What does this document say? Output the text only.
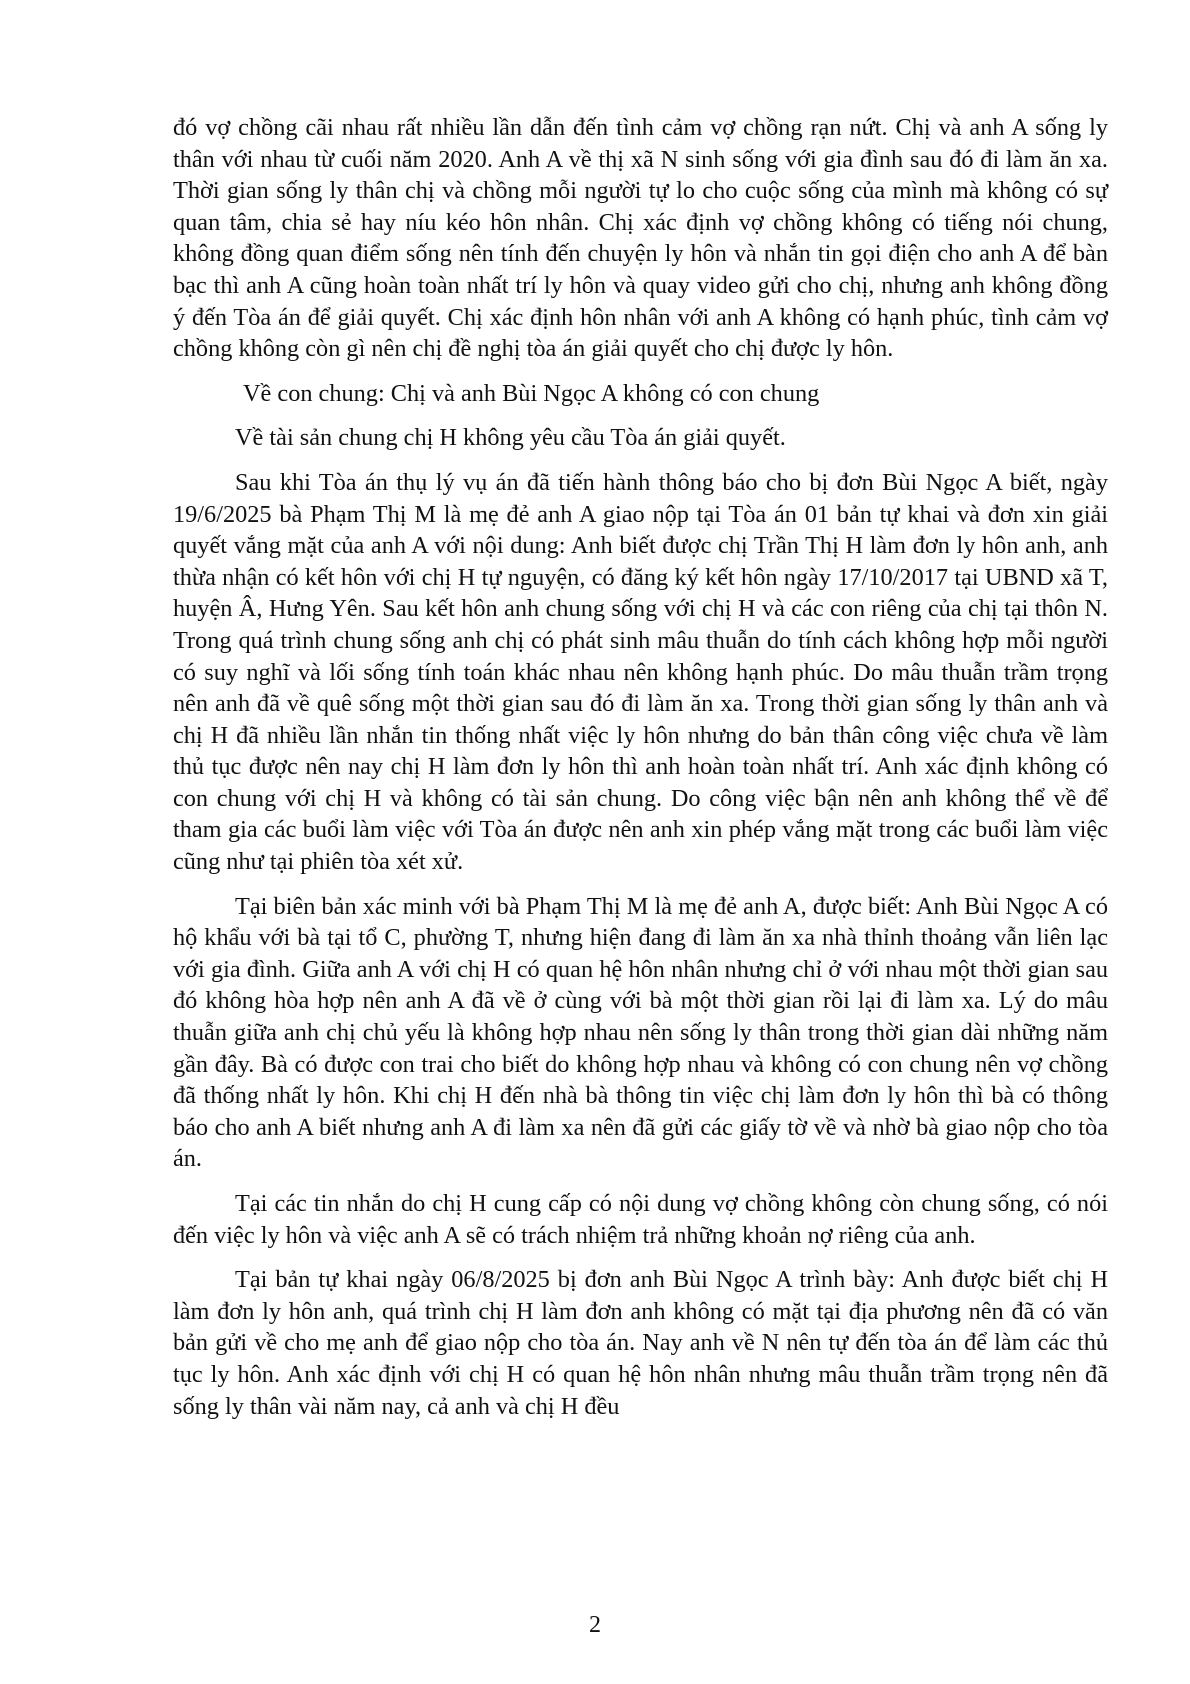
đó vợ chồng cãi nhau rất nhiều lần dẫn đến tình cảm vợ chồng rạn nứt. Chị và anh A sống ly thân với nhau từ cuối năm 2020. Anh A về thị xã N sinh sống với gia đình sau đó đi làm ăn xa. Thời gian sống ly thân chị và chồng mỗi người tự lo cho cuộc sống của mình mà không có sự quan tâm, chia sẻ hay níu kéo hôn nhân. Chị xác định vợ chồng không có tiếng nói chung, không đồng quan điểm sống nên tính đến chuyện ly hôn và nhắn tin gọi điện cho anh A để bàn bạc thì anh A cũng hoàn toàn nhất trí ly hôn và quay video gửi cho chị, nhưng anh không đồng ý đến Tòa án để giải quyết. Chị xác định hôn nhân với anh A không có hạnh phúc, tình cảm vợ chồng không còn gì nên chị đề nghị tòa án giải quyết cho chị được ly hôn.

Về con chung: Chị và anh Bùi Ngọc A không có con chung

Về tài sản chung chị H không yêu cầu Tòa án giải quyết.

Sau khi Tòa án thụ lý vụ án đã tiến hành thông báo cho bị đơn Bùi Ngọc A biết, ngày 19/6/2025 bà Phạm Thị M là mẹ đẻ anh A giao nộp tại Tòa án 01 bản tự khai và đơn xin giải quyết vắng mặt của anh A với nội dung: Anh biết được chị Trần Thị H làm đơn ly hôn anh, anh thừa nhận có kết hôn với chị H tự nguyện, có đăng ký kết hôn ngày 17/10/2017 tại UBND xã T, huyện Â, Hưng Yên. Sau kết hôn anh chung sống với chị H và các con riêng của chị tại thôn N. Trong quá trình chung sống anh chị có phát sinh mâu thuẫn do tính cách không hợp mỗi người có suy nghĩ và lối sống tính toán khác nhau nên không hạnh phúc. Do mâu thuẫn trầm trọng nên anh đã về quê sống một thời gian sau đó đi làm ăn xa. Trong thời gian sống ly thân anh và chị H đã nhiều lần nhắn tin thống nhất việc ly hôn nhưng do bản thân công việc chưa về làm thủ tục được nên nay chị H làm đơn ly hôn thì anh hoàn toàn nhất trí. Anh xác định không có con chung với chị H và không có tài sản chung. Do công việc bận nên anh không thể về để tham gia các buổi làm việc với Tòa án được nên anh xin phép vắng mặt trong các buổi làm việc cũng như tại phiên tòa xét xử.

Tại biên bản xác minh với bà Phạm Thị M là mẹ đẻ anh A, được biết: Anh Bùi Ngọc A có hộ khẩu với bà tại tổ C, phường T, nhưng hiện đang đi làm ăn xa nhà thỉnh thoảng vẫn liên lạc với gia đình. Giữa anh A với chị H có quan hệ hôn nhân nhưng chỉ ở với nhau một thời gian sau đó không hòa hợp nên anh A đã về ở cùng với bà một thời gian rồi lại đi làm xa. Lý do mâu thuẫn giữa anh chị chủ yếu là không hợp nhau nên sống ly thân trong thời gian dài những năm gần đây. Bà có được con trai cho biết do không hợp nhau và không có con chung nên vợ chồng đã thống nhất ly hôn. Khi chị H đến nhà bà thông tin việc chị làm đơn ly hôn thì bà có thông báo cho anh A biết nhưng anh A đi làm xa nên đã gửi các giấy tờ về và nhờ bà giao nộp cho tòa án.

Tại các tin nhắn do chị H cung cấp có nội dung vợ chồng không còn chung sống, có nói đến việc ly hôn và việc anh A sẽ có trách nhiệm trả những khoản nợ riêng của anh.

Tại bản tự khai ngày 06/8/2025 bị đơn anh Bùi Ngọc A trình bày: Anh được biết chị H làm đơn ly hôn anh, quá trình chị H làm đơn anh không có mặt tại địa phương nên đã có văn bản gửi về cho mẹ anh để giao nộp cho tòa án. Nay anh về N nên tự đến tòa án để làm các thủ tục ly hôn. Anh xác định với chị H có quan hệ hôn nhân nhưng mâu thuẫn trầm trọng nên đã sống ly thân vài năm nay, cả anh và chị H đều

2
